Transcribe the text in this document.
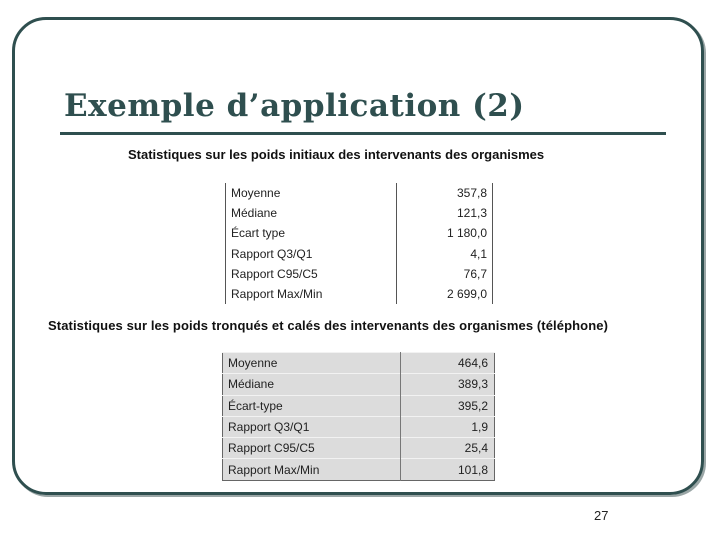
Exemple d’application (2)

Statistiques sur les poids initiaux des intervenants des organismes

Moyenne	357,8
Médiane	121,3
Écart type	1 180,0
Rapport Q3/Q1	4,1
Rapport C95/C5	76,7
Rapport Max/Min	2 699,0

Statistiques sur les poids tronqués et calés des intervenants des organismes (téléphone)

Moyenne	464,6
Médiane	389,3
Écart-type	395,2
Rapport Q3/Q1	1,9
Rapport C95/C5	25,4
Rapport Max/Min	101,8
27
